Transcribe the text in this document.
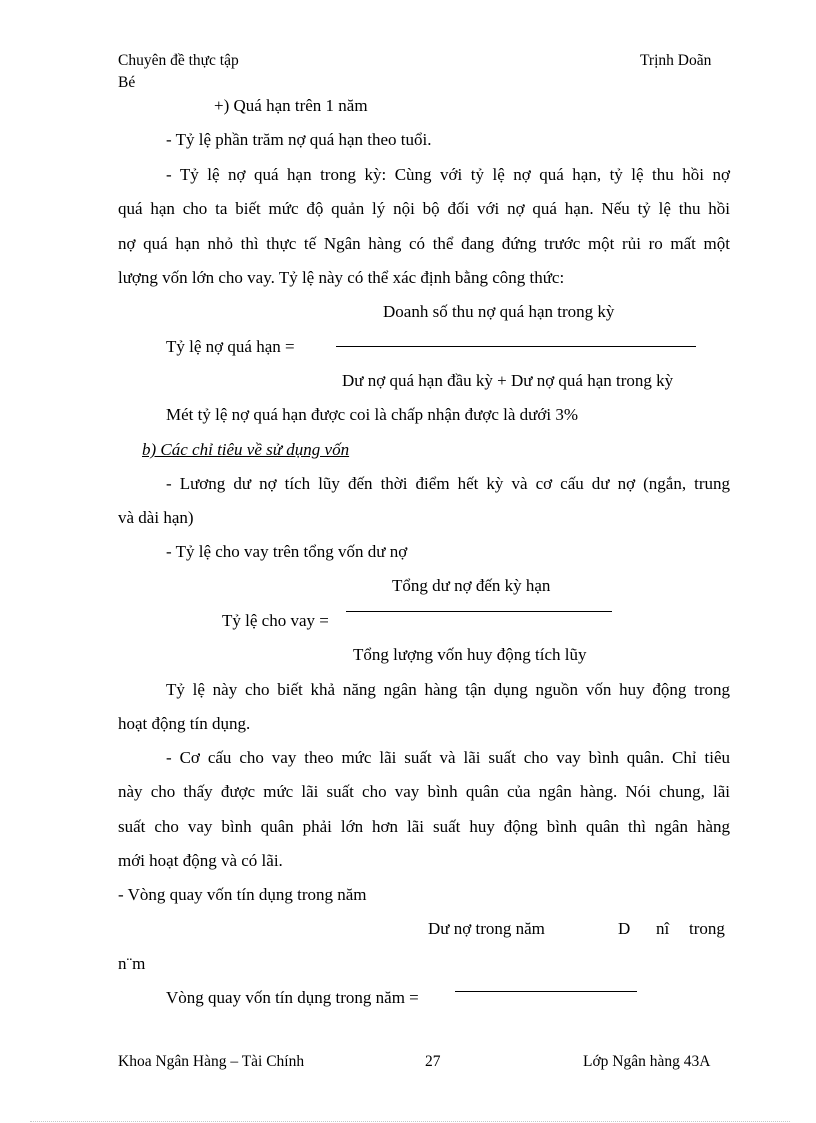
Chuyên đề thực tập
Bé
Trịnh Doãn
+) Quá hạn trên 1 năm
- Tỷ lệ phần trăm nợ quá hạn theo tuổi.
- Tỷ lệ nợ quá hạn trong kỳ: Cùng với tỷ lệ nợ quá hạn, tỷ lệ thu hồi nợ
quá hạn cho ta biết mức độ quản lý nội bộ đối với nợ quá hạn. Nếu tỷ lệ thu hồi
nợ quá hạn nhỏ thì thực tế Ngân hàng có thể đang đứng trước một rủi ro mất một
lượng vốn lớn cho vay. Tỷ lệ này có thể xác định bằng công thức:
Doanh số thu nợ quá hạn trong kỳ
Tỷ lệ nợ quá hạn =
Dư nợ quá hạn đầu kỳ + Dư nợ quá hạn trong kỳ
Mét tỷ lệ nợ quá hạn được coi là chấp nhận được là dưới 3%
b) Các chỉ tiêu về sử dụng vốn
- Lương dư nợ tích lũy đến thời điểm hết kỳ và cơ cấu dư nợ (ngắn, trung
và dài hạn)
- Tỷ lệ cho vay trên tổng vốn dư nợ
Tổng dư nợ đến kỳ hạn
Tỷ lệ cho vay =
Tổng lượng vốn huy động tích lũy
Tỷ lệ này cho biết khả năng ngân hàng tận dụng nguồn vốn huy động trong
hoạt động tín dụng.
- Cơ cấu cho vay theo mức lãi suất và lãi suất cho vay bình quân. Chỉ tiêu
này cho thấy được mức lãi suất cho vay bình quân của ngân hàng. Nói chung, lãi
suất cho vay bình quân phải lớn hơn lãi suất huy động bình quân thì ngân hàng
mới hoạt động và có lãi.
- Vòng quay vốn tín dụng trong năm
Dư nợ trong năm	D nî trong
n¨m
Vòng quay vốn tín dụng trong năm =
Khoa Ngân Hàng – Tài Chính	27	Lớp Ngân hàng 43A
